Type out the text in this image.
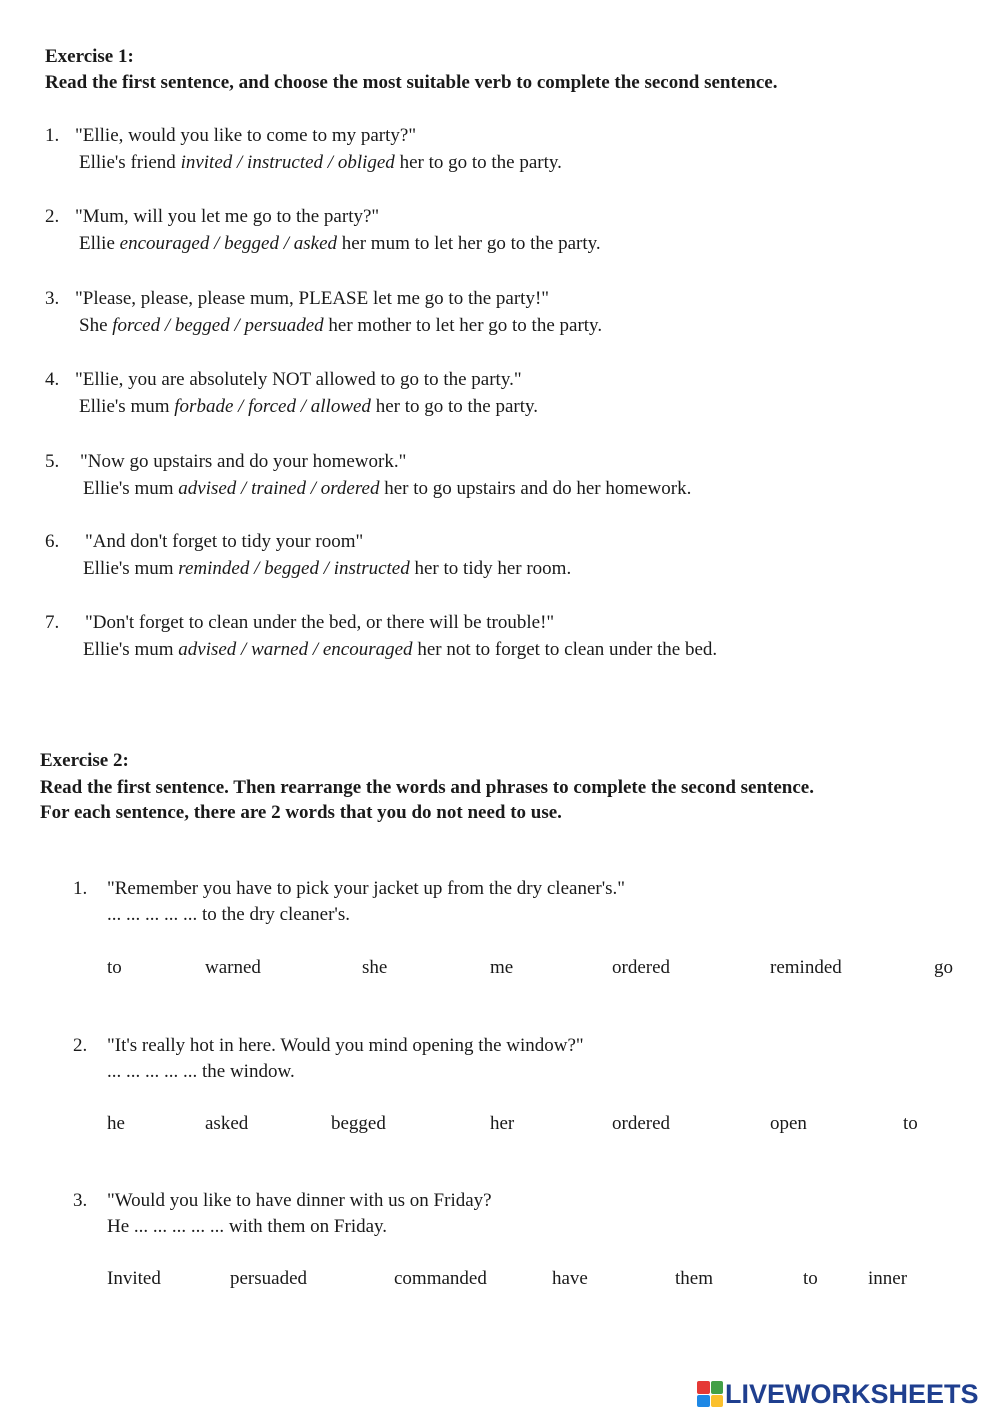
Exercise 1:
Read the first sentence, and choose the most suitable verb to complete the second sentence.
1. "Ellie, would you like to come to my party?"
Ellie's friend invited / instructed / obliged her to go to the party.
2. "Mum, will you let me go to the party?"
Ellie encouraged / begged / asked her mum to let her go to the party.
3. "Please, please, please mum, PLEASE let me go to the party!"
She forced / begged / persuaded her mother to let her go to the party.
4. "Ellie, you are absolutely NOT allowed to go to the party."
Ellie's mum forbade / forced / allowed her to go to the party.
5. "Now go upstairs and do your homework."
Ellie's mum advised / trained / ordered her to go upstairs and do her homework.
6. "And don't forget to tidy your room"
Ellie's mum reminded / begged / instructed her to tidy her room.
7. "Don't forget to clean under the bed, or there will be trouble!"
Ellie's mum advised / warned / encouraged her not to forget to clean under the bed.
Exercise 2:
Read the first sentence. Then rearrange the words and phrases to complete the second sentence.
For each sentence, there are 2 words that you do not need to use.
1. "Remember you have to pick your jacket up from the dry cleaner's."
... ... ... ... ... to the dry cleaner's.
to	warned	she	me	ordered	reminded	go
2. "It's really hot in here. Would you mind opening the window?"
... ... ... ... ... the window.
he	asked	begged	her	ordered	open	to
3. "Would you like to have dinner with us on Friday?
He ... ... ... ... ... with them on Friday.
Invited	persuaded	commanded	have	them	to	inner
LIVEWORKSHEETS
